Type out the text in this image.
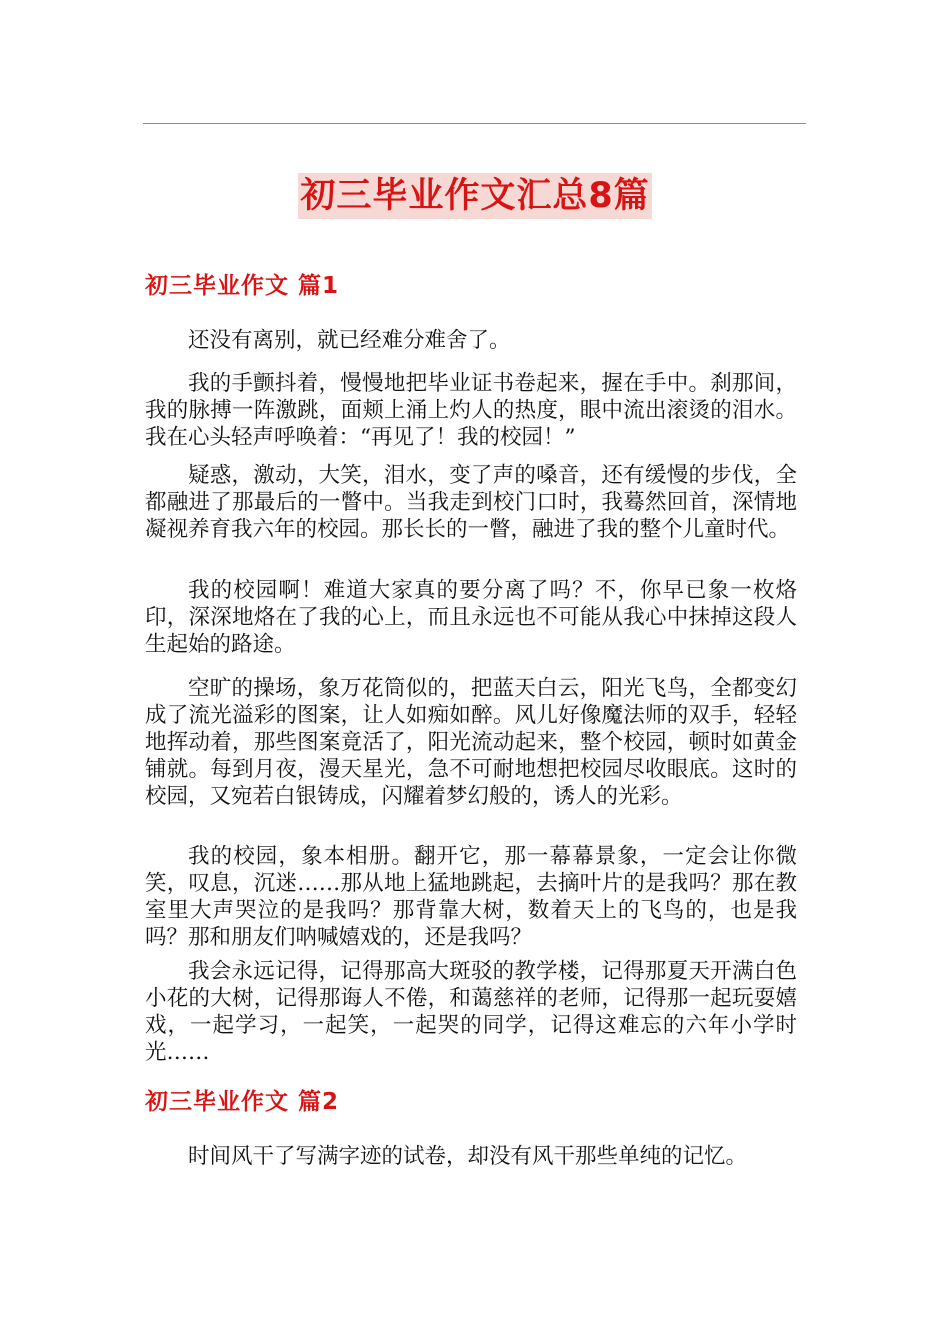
初三毕业作文汇总8篇
初三毕业作文 篇1

还没有离别，就已经难分难舍了。

我的手颤抖着，慢慢地把毕业证书卷起来，握在手中。刹那间，我的脉搏一阵激跳，面颊上涌上灼人的热度，眼中流出滚烫的泪水。我在心头轻声呼唤着：“再见了！我的校园！”

疑惑，激动，大笑，泪水，变了声的嗓音，还有缓慢的步伐，全都融进了那最后的一瞥中。当我走到校门口时，我蓦然回首，深情地凝视养育我六年的校园。那长长的一瞥，融进了我的整个儿童时代。

我的校园啊！难道大家真的要分离了吗？不，你早已象一枚烙印，深深地烙在了我的心上，而且永远也不可能从我心中抹掉这段人生起始的路途。

空旷的操场，象万花筒似的，把蓝天白云，阳光飞鸟，全都变幻成了流光溢彩的图案，让人如痴如醉。风儿好像魔法师的双手，轻轻地挥动着，那些图案竟活了，阳光流动起来，整个校园，顿时如黄金铺就。每到月夜，漫天星光，急不可耐地想把校园尽收眼底。这时的校园，又宛若白银铸成，闪耀着梦幻般的，诱人的光彩。

我的校园，象本相册。翻开它，那一幕幕景象，一定会让你微笑，叹息，沉迷……那从地上猛地跳起，去摘叶片的是我吗？那在教室里大声哭泣的是我吗？那背靠大树，数着天上的飞鸟的，也是我吗？那和朋友们呐喊嬉戏的，还是我吗？

我会永远记得，记得那高大斑驳的教学楼，记得那夏天开满白色小花的大树，记得那诲人不倦，和蔼慈祥的老师，记得那一起玩耍嬉戏，一起学习，一起笑，一起哭的同学，记得这难忘的六年小学时光……

初三毕业作文 篇2

时间风干了写满字迹的试卷，却没有风干那些单纯的记忆。
